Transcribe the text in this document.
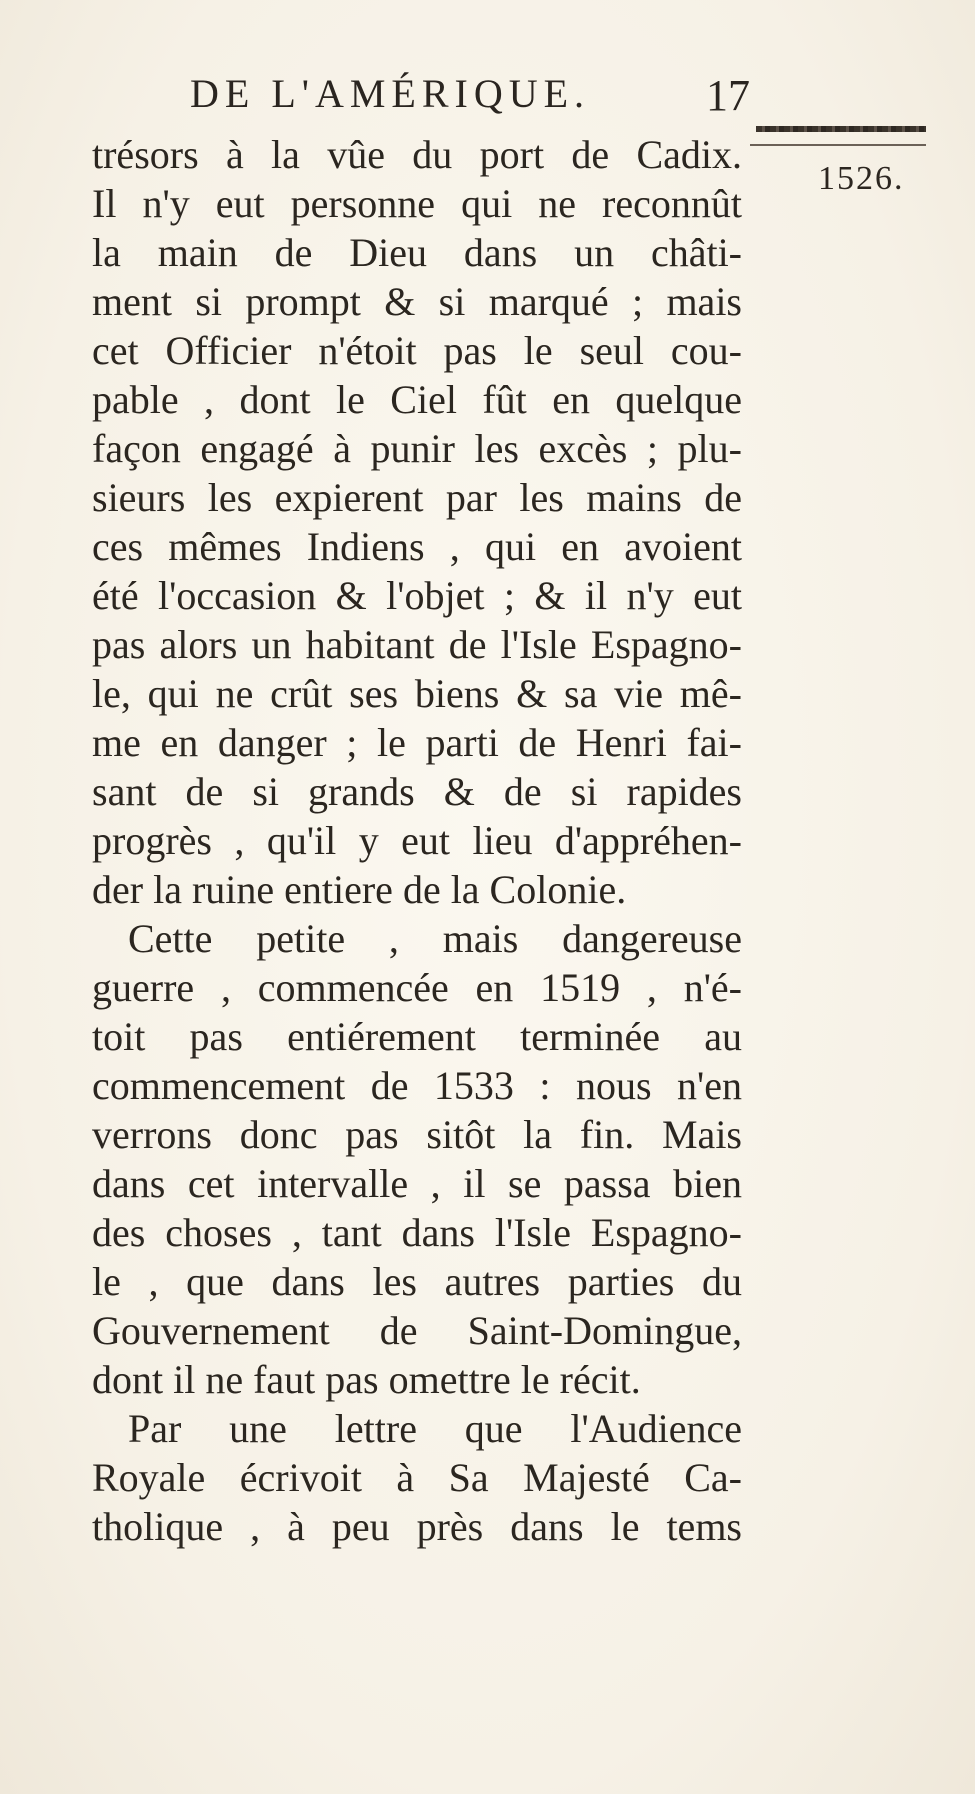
DE L'AMÉRIQUE.	17
1526.
trésors à la vûe du port de Cadix.
Il n'y eut personne qui ne reconnût
la main de Dieu dans un châti-
ment si prompt & si marqué ; mais
cet Officier n'étoit pas le seul cou-
pable , dont le Ciel fût en quelque
façon engagé à punir les excès ; plu-
sieurs les expierent par les mains de
ces mêmes Indiens , qui en avoient
été l'occasion & l'objet ; & il n'y eut
pas alors un habitant de l'Isle Espagno-
le, qui ne crût ses biens & sa vie mê-
me en danger ; le parti de Henri fai-
sant de si grands & de si rapides
progrès , qu'il y eut lieu d'appréhen-
der la ruine entiere de la Colonie.
Cette petite , mais dangereuse
guerre , commencée en 1519 , n'é-
toit pas entiérement terminée au
commencement de 1533 : nous n'en
verrons donc pas sitôt la fin. Mais
dans cet intervalle , il se passa bien
des choses , tant dans l'Isle Espagno-
le , que dans les autres parties du
Gouvernement de Saint-Domingue,
dont il ne faut pas omettre le récit.
Par une lettre que l'Audience
Royale écrivoit à Sa Majesté Ca-
tholique , à peu près dans le tems
